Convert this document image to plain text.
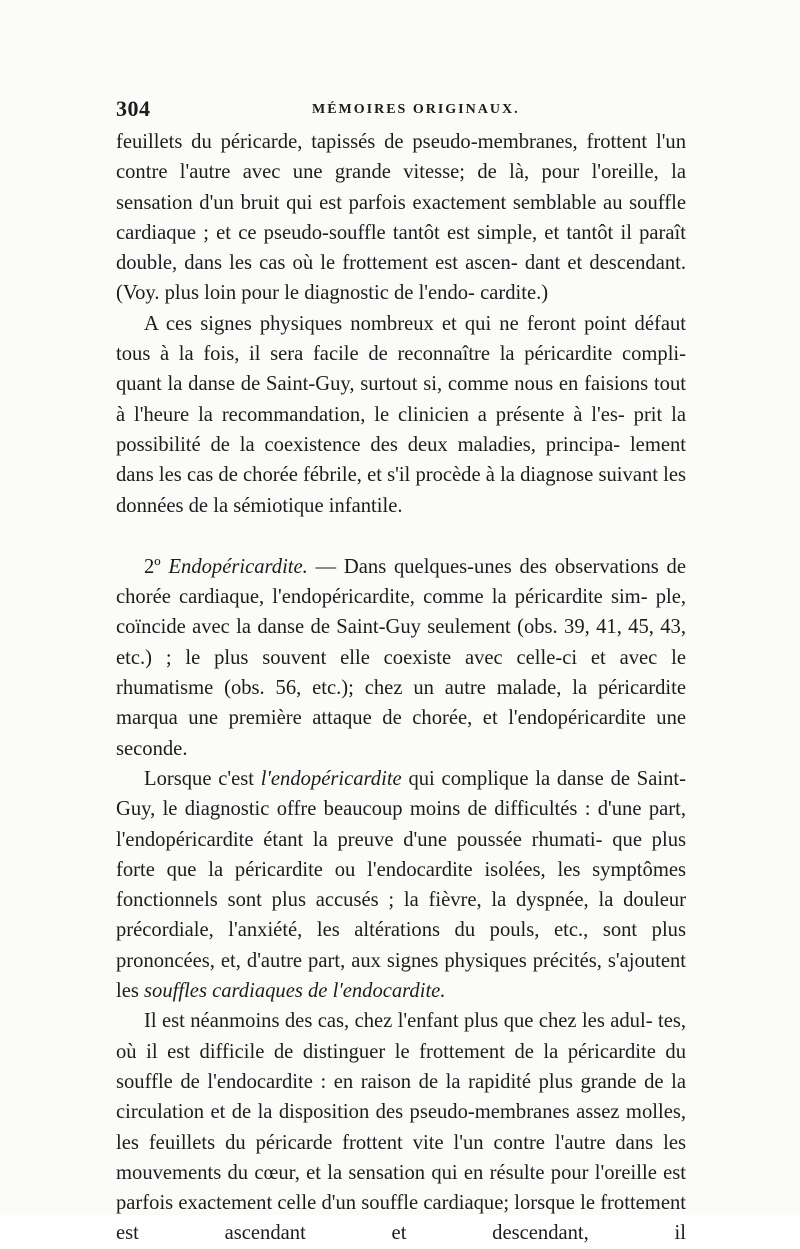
304	MÉMOIRES ORIGINAUX.

feuillets du péricarde, tapissés de pseudo-membranes, frottent l'un contre l'autre avec une grande vitesse; de là, pour l'oreille, la sensation d'un bruit qui est parfois exactement semblable au souffle cardiaque ; et ce pseudo-souffle tantôt est simple, et tantôt il paraît double, dans les cas où le frottement est ascen- dant et descendant. (Voy. plus loin pour le diagnostic de l'endo- cardite.)

A ces signes physiques nombreux et qui ne feront point défaut tous à la fois, il sera facile de reconnaître la péricardite compli- quant la danse de Saint-Guy, surtout si, comme nous en faisions tout à l'heure la recommandation, le clinicien a présente à l'es- prit la possibilité de la coexistence des deux maladies, principa- lement dans les cas de chorée fébrile, et s'il procède à la diagnose suivant les données de la sémiotique infantile.

2º Endopéricardite. — Dans quelques-unes des observations de chorée cardiaque, l'endopéricardite, comme la péricardite sim- ple, coïncide avec la danse de Saint-Guy seulement (obs. 39, 41, 45, 43, etc.) ; le plus souvent elle coexiste avec celle-ci et avec le rhumatisme (obs. 56, etc.); chez un autre malade, la péricardite marqua une première attaque de chorée, et l'endopéricardite une seconde.

Lorsque c'est l'endopéricardite qui complique la danse de Saint- Guy, le diagnostic offre beaucoup moins de difficultés : d'une part, l'endopéricardite étant la preuve d'une poussée rhumati- que plus forte que la péricardite ou l'endocardite isolées, les symptômes fonctionnels sont plus accusés ; la fièvre, la dyspnée, la douleur précordiale, l'anxiété, les altérations du pouls, etc., sont plus prononcées, et, d'autre part, aux signes physiques précités, s'ajoutent les souffles cardiaques de l'endocardite.

Il est néanmoins des cas, chez l'enfant plus que chez les adul- tes, où il est difficile de distinguer le frottement de la péricardite du souffle de l'endocardite : en raison de la rapidité plus grande de la circulation et de la disposition des pseudo-membranes assez molles, les feuillets du péricarde frottent vite l'un contre l'autre dans les mouvements du cœur, et la sensation qui en résulte pour l'oreille est parfois exactement celle d'un souffle cardiaque; lorsque le frottement est ascendant et descendant, il
